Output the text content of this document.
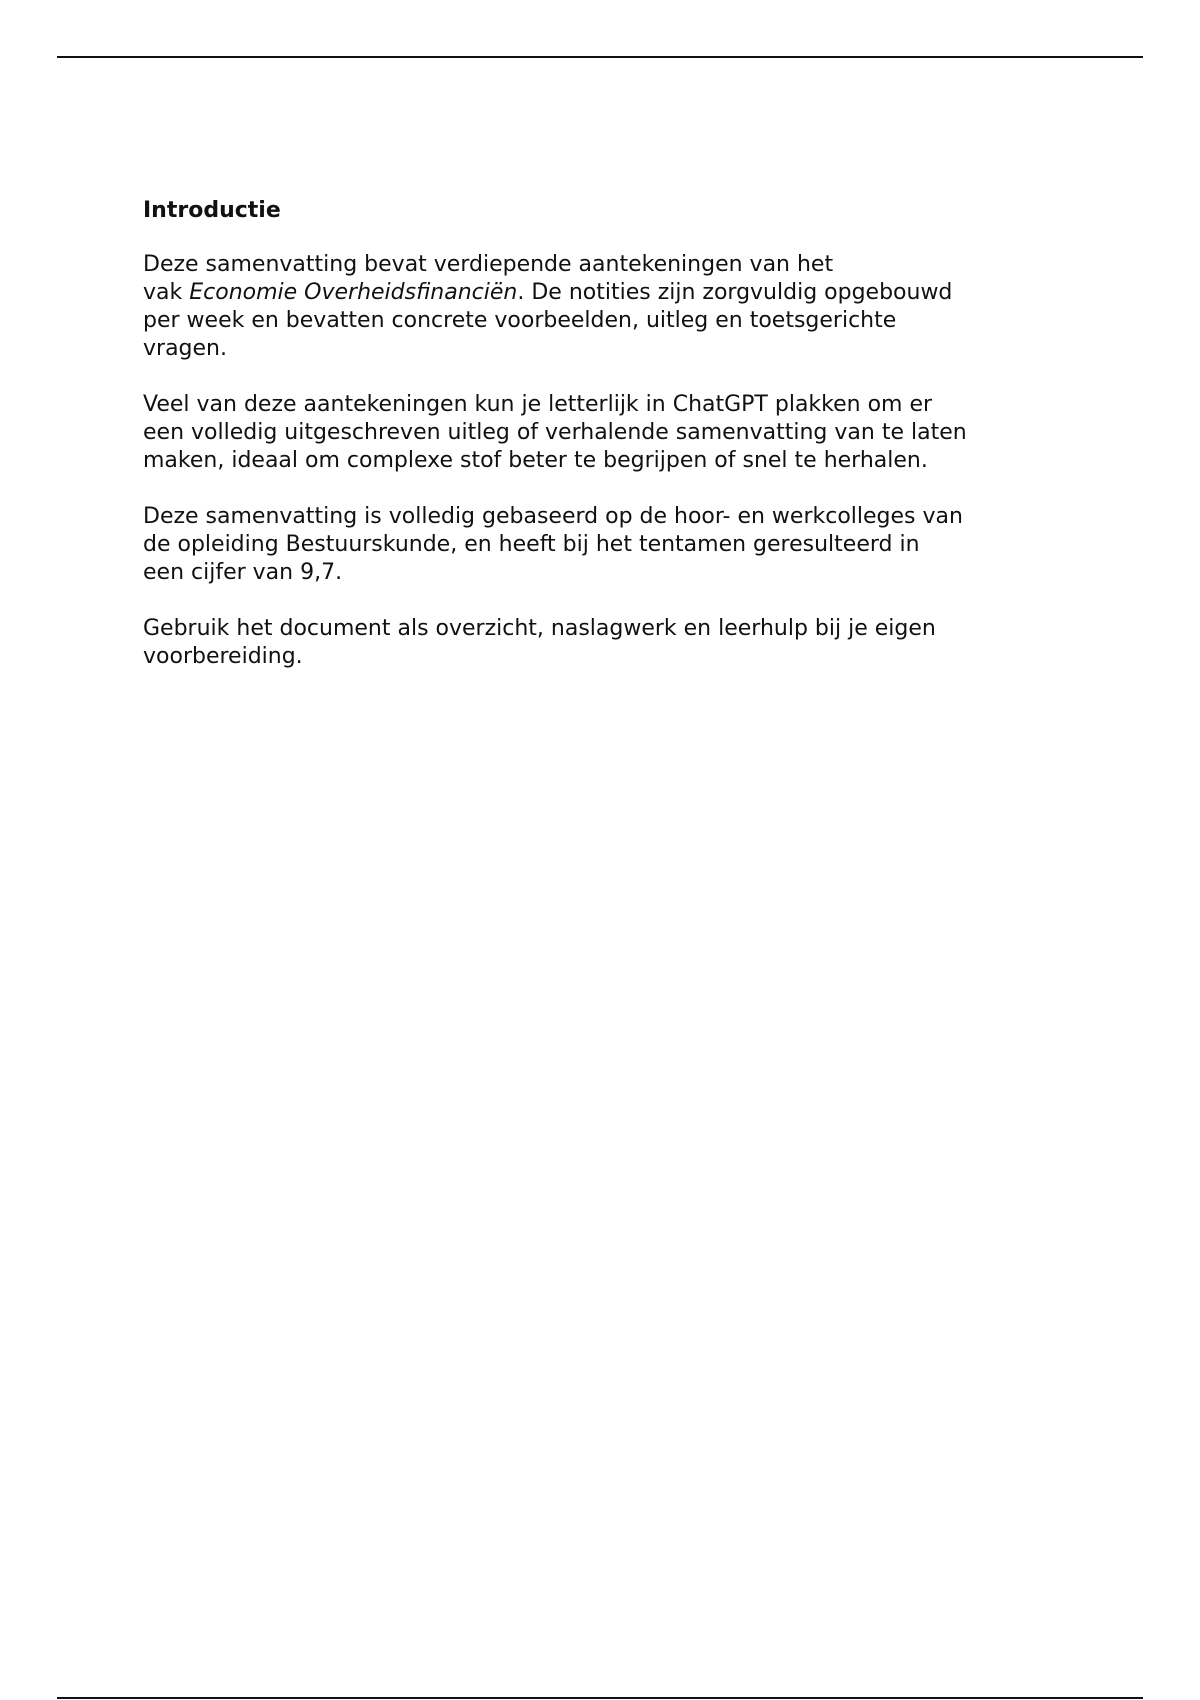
Introductie

Deze samenvatting bevat verdiepende aantekeningen van het
vak Economie Overheidsfinanciën. De notities zijn zorgvuldig opgebouwd
per week en bevatten concrete voorbeelden, uitleg en toetsgerichte
vragen.

Veel van deze aantekeningen kun je letterlijk in ChatGPT plakken om er
een volledig uitgeschreven uitleg of verhalende samenvatting van te laten
maken, ideaal om complexe stof beter te begrijpen of snel te herhalen.

Deze samenvatting is volledig gebaseerd op de hoor- en werkcolleges van
de opleiding Bestuurskunde, en heeft bij het tentamen geresulteerd in
een cijfer van 9,7.

Gebruik het document als overzicht, naslagwerk en leerhulp bij je eigen
voorbereiding.
